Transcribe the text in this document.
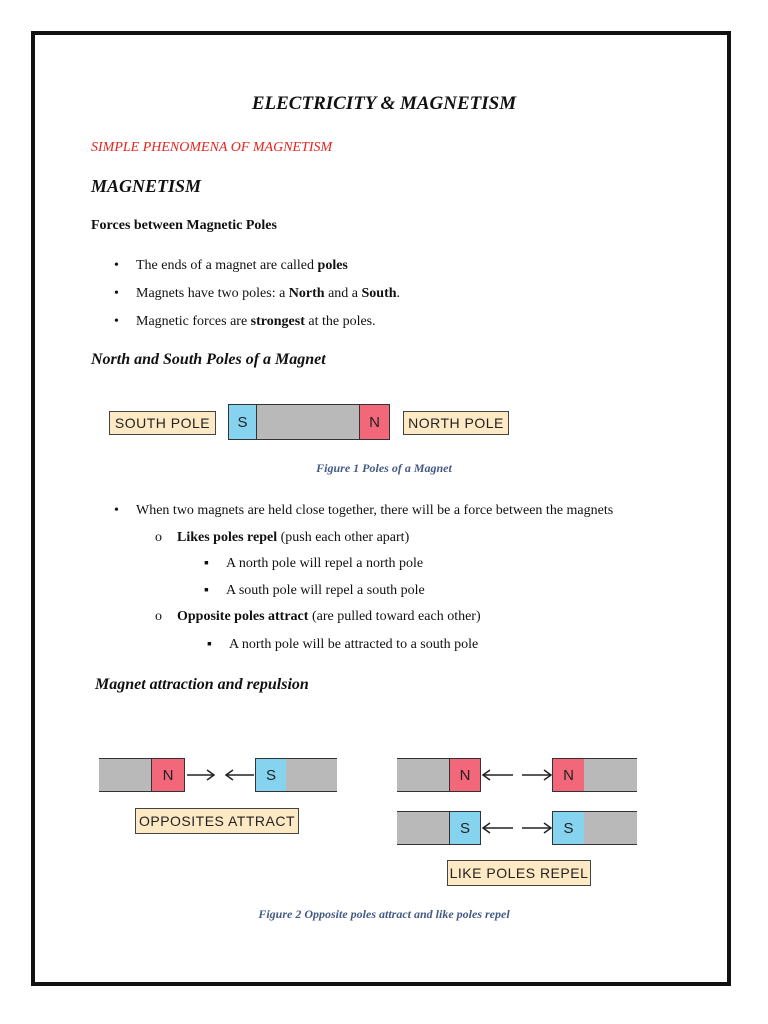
ELECTRICITY & MAGNETISM
SIMPLE PHENOMENA OF MAGNETISM
MAGNETISM
Forces between Magnetic Poles
• The ends of a magnet are called poles
• Magnets have two poles: a North and a South.
• Magnetic forces are strongest at the poles.
North and South Poles of a Magnet
SOUTH POLE	S	N	NORTH POLE
Figure 1 Poles of a Magnet
• When two magnets are held close together, there will be a force between the magnets
o Likes poles repel (push each other apart)
▪ A north pole will repel a north pole
▪ A south pole will repel a south pole
o Opposite poles attract (are pulled toward each other)
▪ A north pole will be attracted to a south pole
Magnet attraction and repulsion
N	S
OPPOSITES ATTRACT
N	N
S	S
LIKE POLES REPEL
Figure 2 Opposite poles attract and like poles repel
